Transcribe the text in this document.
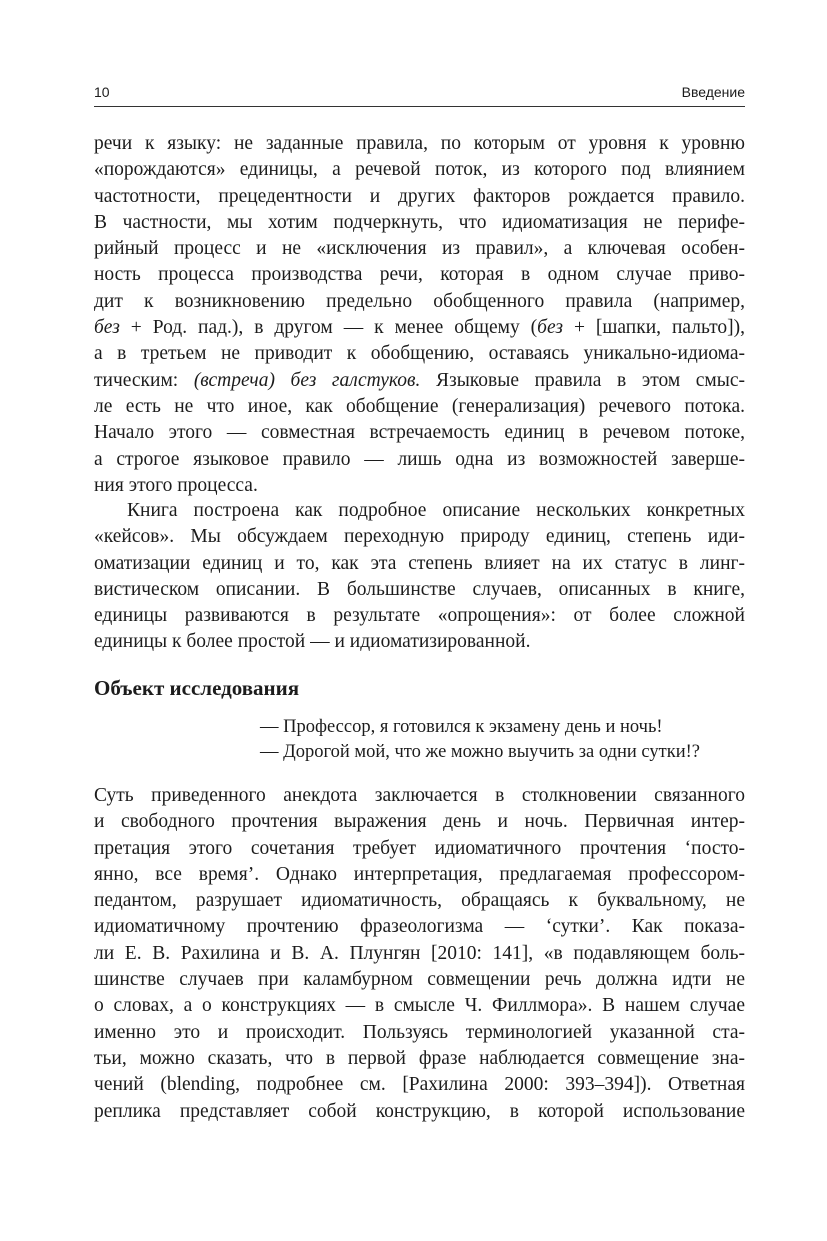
10	Введение
речи к языку: не заданные правила, по которым от уровня к уровню
«порождаются» единицы, а речевой поток, из которого под влиянием
частотности, прецедентности и других факторов рождается правило.
В частности, мы хотим подчеркнуть, что идиоматизация не перифе-
рийный процесс и не «исключения из правил», а ключевая особен-
ность процесса производства речи, которая в одном случае приво-
дит к возникновению предельно обобщенного правила (например,
без + Род. пад.), в другом — к менее общему (без + [шапки, пальто]),
а в третьем не приводит к обобщению, оставаясь уникально-идиома-
тическим: (встреча) без галстуков. Языковые правила в этом смыс-
ле есть не что иное, как обобщение (генерализация) речевого потока.
Начало этого — совместная встречаемость единиц в речевом потоке,
а строгое языковое правило — лишь одна из возможностей заверше-
ния этого процесса.
Книга построена как подробное описание нескольких конкретных
«кейсов». Мы обсуждаем переходную природу единиц, степень иди-
оматизации единиц и то, как эта степень влияет на их статус в линг-
вистическом описании. В большинстве случаев, описанных в книге,
единицы развиваются в результате «опрощения»: от более сложной
единицы к более простой — и идиоматизированной.
Объект исследования
— Профессор, я готовился к экзамену день и ночь!
— Дорогой мой, что же можно выучить за одни сутки!?
Суть приведенного анекдота заключается в столкновении связанного
и свободного прочтения выражения день и ночь. Первичная интер-
претация этого сочетания требует идиоматичного прочтения ‘посто-
янно, все время’. Однако интерпретация, предлагаемая профессором-
педантом, разрушает идиоматичность, обращаясь к буквальному, не
идиоматичному прочтению фразеологизма — ‘сутки’. Как показа-
ли Е. В. Рахилина и В. А. Плунгян [2010: 141], «в подавляющем боль-
шинстве случаев при каламбурном совмещении речь должна идти не
о словах, а о конструкциях — в смысле Ч. Филлмора». В нашем случае
именно это и происходит. Пользуясь терминологией указанной ста-
тьи, можно сказать, что в первой фразе наблюдается совмещение зна-
чений (blending, подробнее см. [Рахилина 2000: 393–394]). Ответная
реплика представляет собой конструкцию, в которой использование
